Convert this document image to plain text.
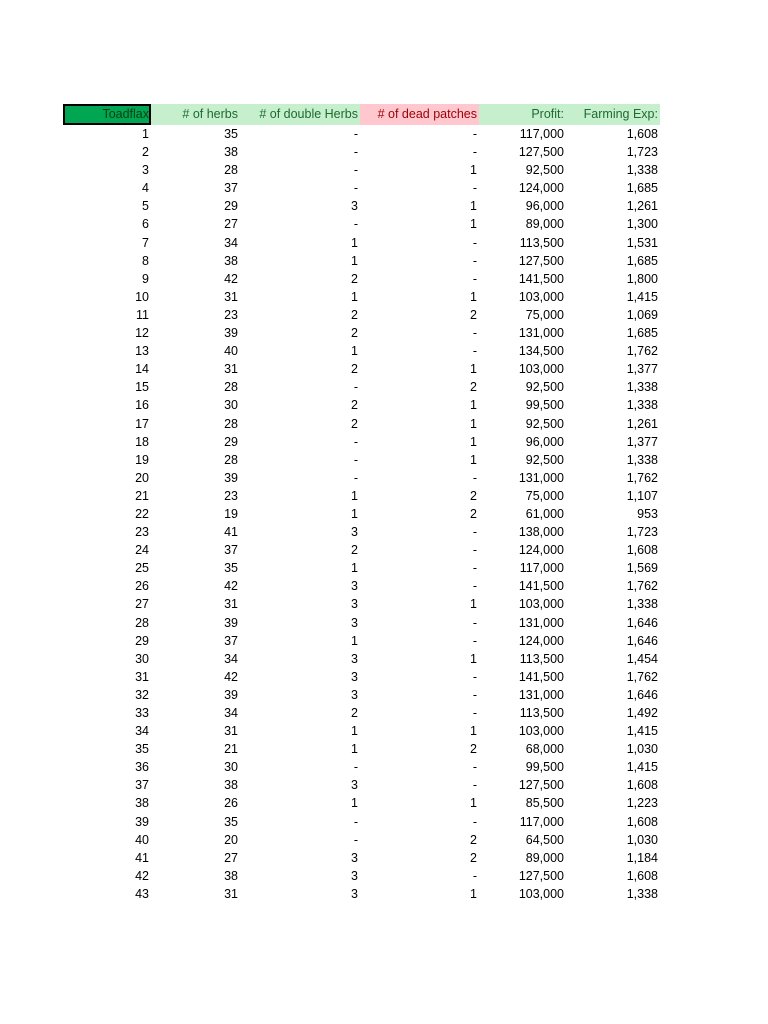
Toadflax	# of herbs	# of double Herbs	# of dead patches	Profit:	Farming Exp:
1	35	-	-	117,000	1,608
2	38	-	-	127,500	1,723
3	28	-	1	92,500	1,338
4	37	-	-	124,000	1,685
5	29	3	1	96,000	1,261
6	27	-	1	89,000	1,300
7	34	1	-	113,500	1,531
8	38	1	-	127,500	1,685
9	42	2	-	141,500	1,800
10	31	1	1	103,000	1,415
11	23	2	2	75,000	1,069
12	39	2	-	131,000	1,685
13	40	1	-	134,500	1,762
14	31	2	1	103,000	1,377
15	28	-	2	92,500	1,338
16	30	2	1	99,500	1,338
17	28	2	1	92,500	1,261
18	29	-	1	96,000	1,377
19	28	-	1	92,500	1,338
20	39	-	-	131,000	1,762
21	23	1	2	75,000	1,107
22	19	1	2	61,000	953
23	41	3	-	138,000	1,723
24	37	2	-	124,000	1,608
25	35	1	-	117,000	1,569
26	42	3	-	141,500	1,762
27	31	3	1	103,000	1,338
28	39	3	-	131,000	1,646
29	37	1	-	124,000	1,646
30	34	3	1	113,500	1,454
31	42	3	-	141,500	1,762
32	39	3	-	131,000	1,646
33	34	2	-	113,500	1,492
34	31	1	1	103,000	1,415
35	21	1	2	68,000	1,030
36	30	-	-	99,500	1,415
37	38	3	-	127,500	1,608
38	26	1	1	85,500	1,223
39	35	-	-	117,000	1,608
40	20	-	2	64,500	1,030
41	27	3	2	89,000	1,184
42	38	3	-	127,500	1,608
43	31	3	1	103,000	1,338
